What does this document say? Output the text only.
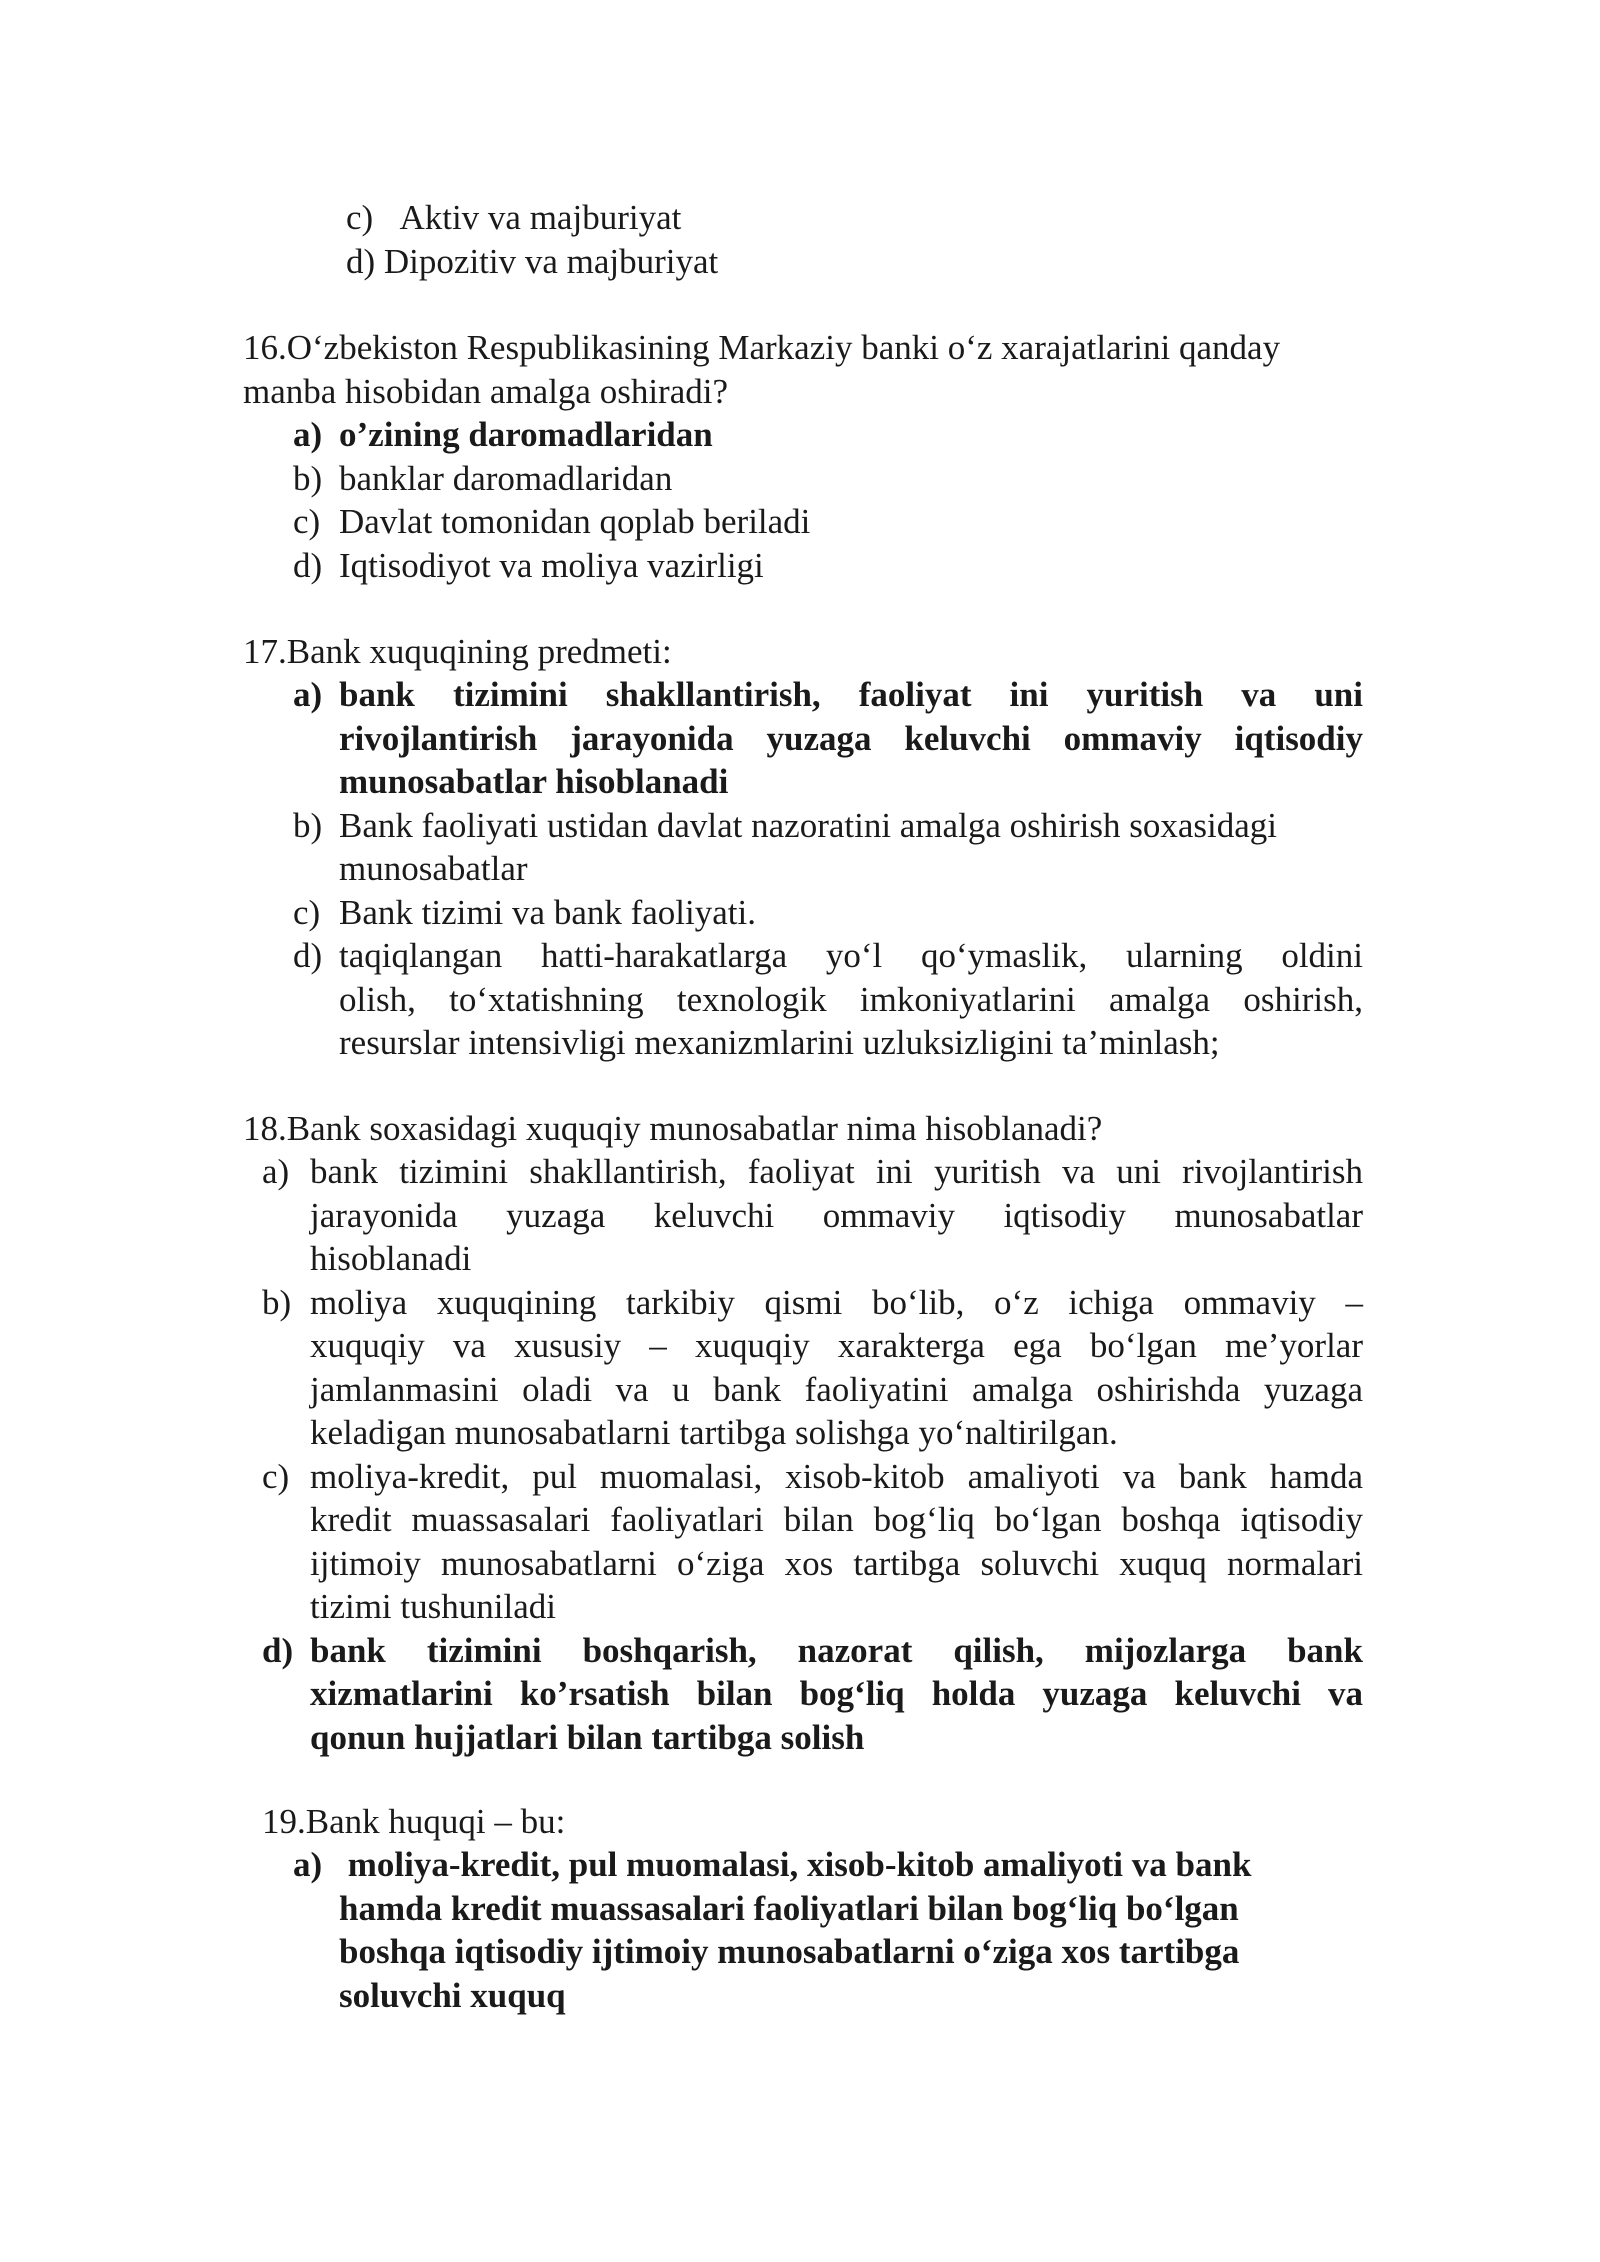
c) Aktiv va majburiyat
d) Dipozitiv va majburiyat
16.O‘zbekiston Respublikasining Markaziy banki o‘z xarajatlarini qanday
manba hisobidan amalga oshiradi?
a) o’zining daromadlaridan
b) banklar daromadlaridan
c) Davlat tomonidan qoplab beriladi
d) Iqtisodiyot va moliya vazirligi
17.Bank xuquqining predmeti:
a) bank tizimini shakllantirish, faoliyat ini yuritish va uni
rivojlantirish jarayonida yuzaga keluvchi ommaviy iqtisodiy
munosabatlar hisoblanadi
b) Bank faoliyati ustidan davlat nazoratini amalga oshirish soxasidagi
munosabatlar
c) Bank tizimi va bank faoliyati.
d) taqiqlangan hatti-harakatlarga yo‘l qo‘ymaslik, ularning oldini
olish, to‘xtatishning texnologik imkoniyatlarini amalga oshirish,
resurslar intensivligi mexanizmlarini uzluksizligini ta’minlash;
18.Bank soxasidagi xuquqiy munosabatlar nima hisoblanadi?
a) bank tizimini shakllantirish, faoliyat ini yuritish va uni rivojlantirish
jarayonida yuzaga keluvchi ommaviy iqtisodiy munosabatlar
hisoblanadi
b) moliya xuquqining tarkibiy qismi bo‘lib, o‘z ichiga ommaviy –
xuquqiy va xususiy – xuquqiy xarakterga ega bo‘lgan me’yorlar
jamlanmasini oladi va u bank faoliyatini amalga oshirishda yuzaga
keladigan munosabatlarni tartibga solishga yo‘naltirilgan.
c) moliya-kredit, pul muomalasi, xisob-kitob amaliyoti va bank hamda
kredit muassasalari faoliyatlari bilan bog‘liq bo‘lgan boshqa iqtisodiy
ijtimoiy munosabatlarni o‘ziga xos tartibga soluvchi xuquq normalari
tizimi tushuniladi
d) bank tizimini boshqarish, nazorat qilish, mijozlarga bank
xizmatlarini ko’rsatish bilan bog‘liq holda yuzaga keluvchi va
qonun hujjatlari bilan tartibga solish
19.Bank huquqi – bu:
a) moliya-kredit, pul muomalasi, xisob-kitob amaliyoti va bank
hamda kredit muassasalari faoliyatlari bilan bog‘liq bo‘lgan
boshqa iqtisodiy ijtimoiy munosabatlarni o‘ziga xos tartibga
soluvchi xuquq
